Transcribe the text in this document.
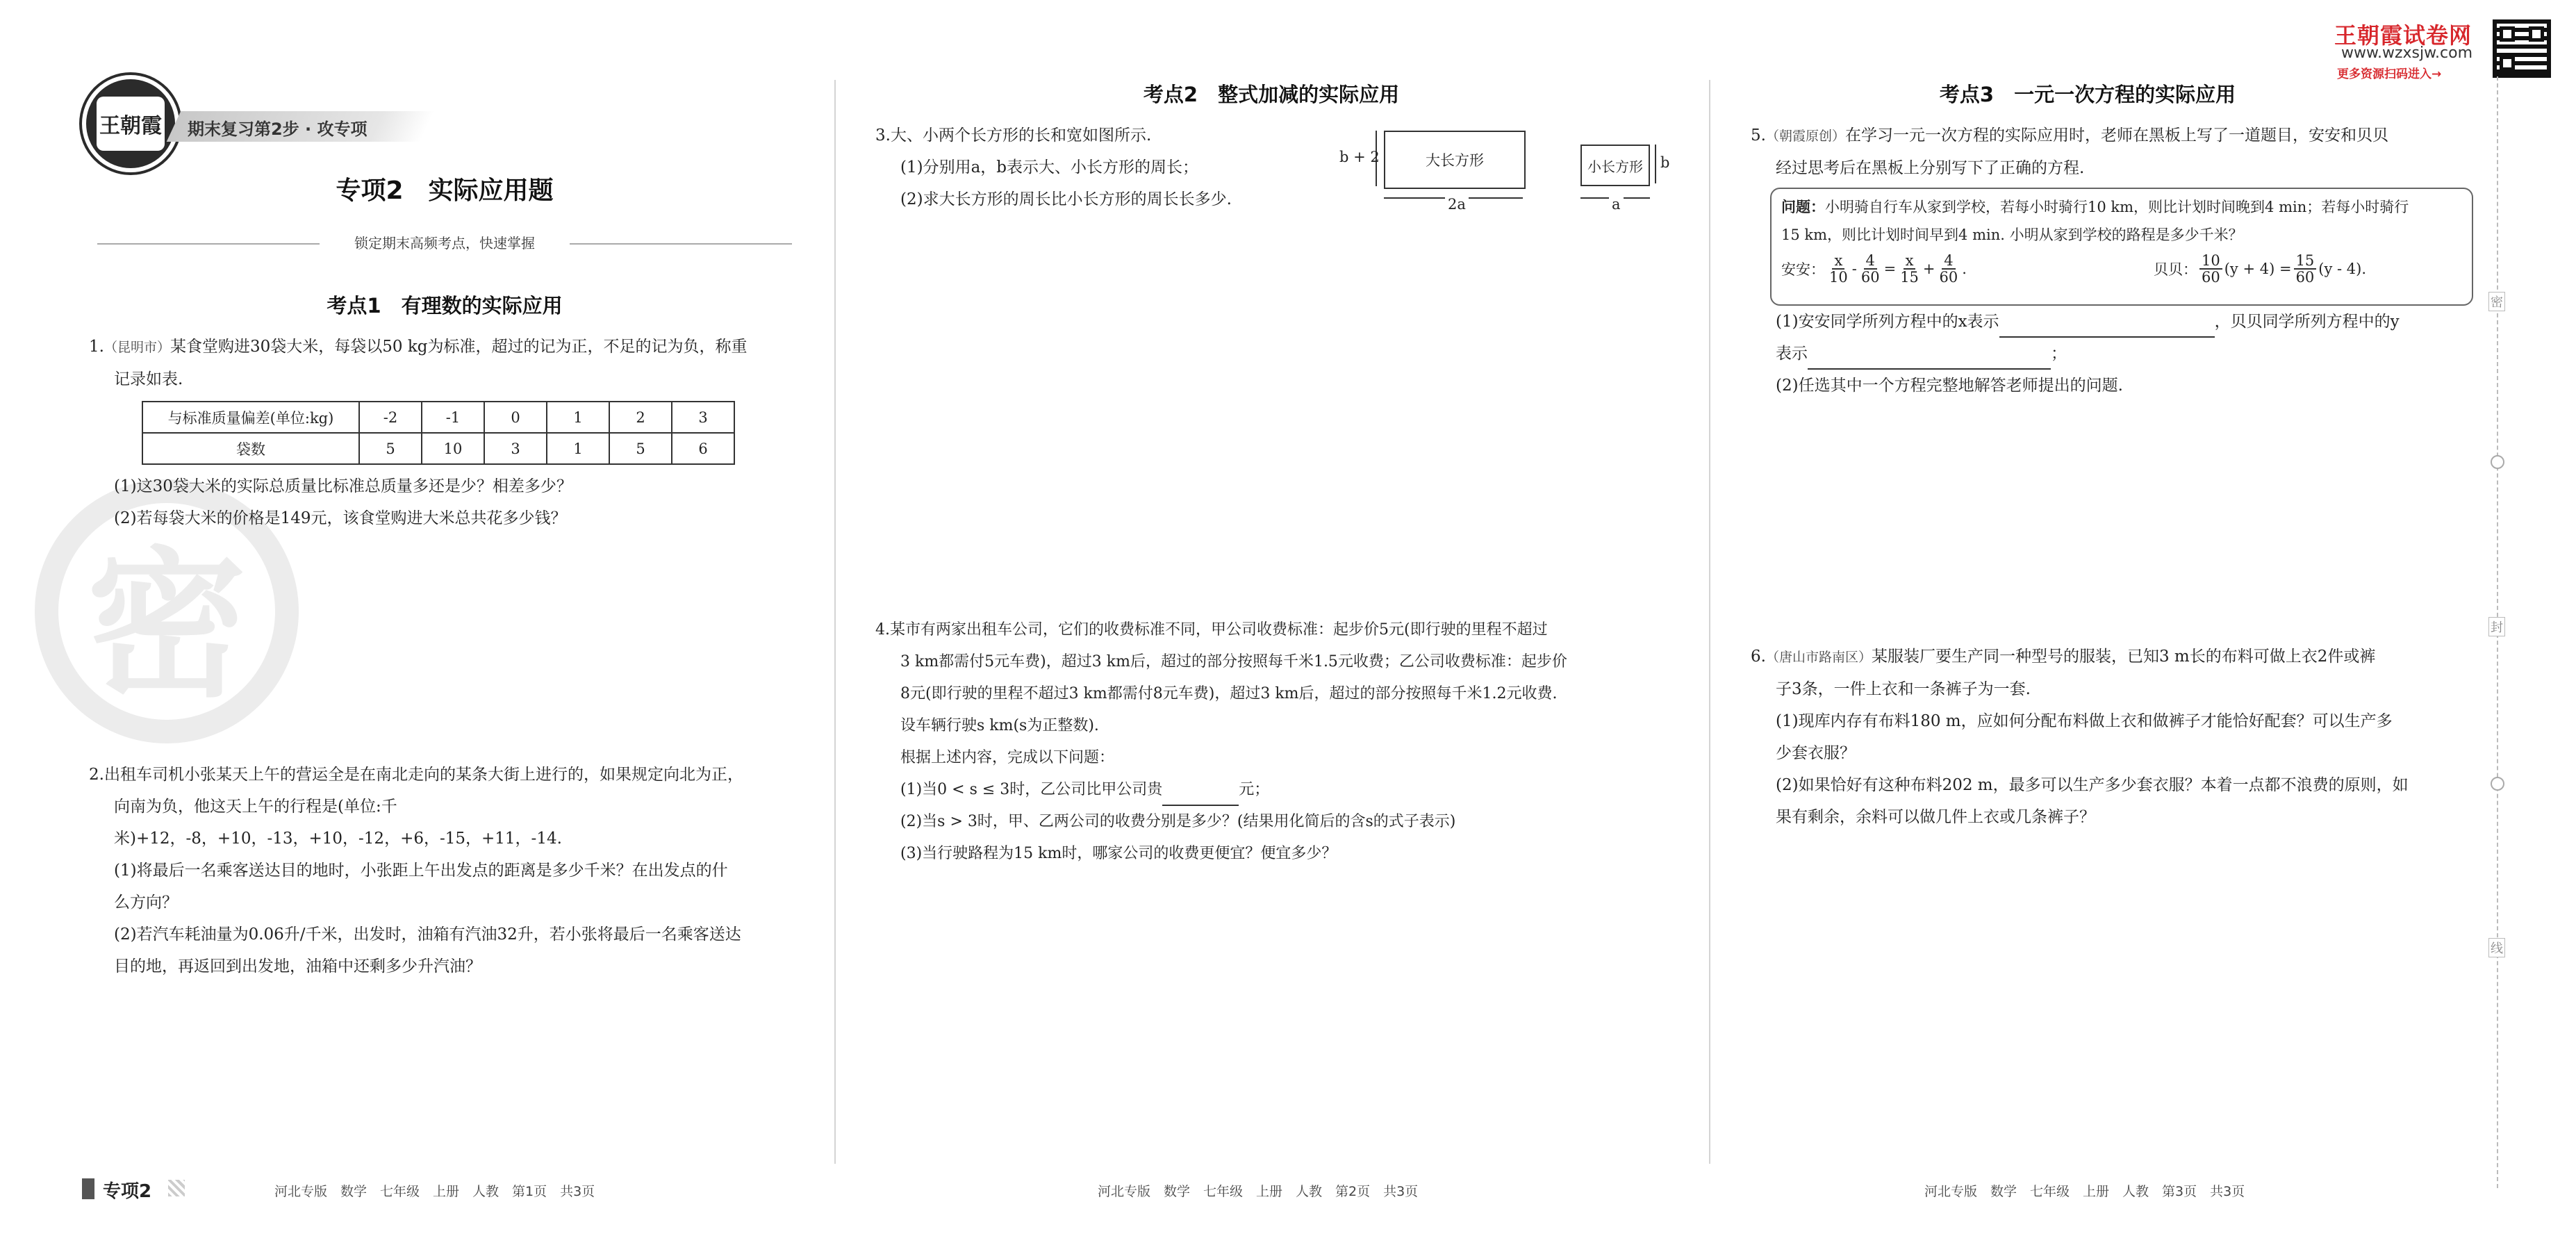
密
王朝霞 期末复习第2步 · 攻专项
专项2　实际应用题
锁定期末高频考点，快速掌握
考点1　有理数的实际应用

1.（昆明市）某食堂购进30袋大米，每袋以50 kg为标准，超过的记为正，不足的记为负，称重

记录如表.

与标准质量偏差(单位:kg)	-2	-1	0	1	2	3
袋数	5	10	3	1	5	6

(1)这30袋大米的实际总质量比标准总质量多还是少？相差多少？

(2)若每袋大米的价格是149元，该食堂购进大米总共花多少钱？

2.出租车司机小张某天上午的营运全是在南北走向的某条大街上进行的，如果规定向北为正，

向南为负，他这天上午的行程是(单位:千米)+12，-8，+10，-13，+10，-12，+6，-15，+11，-14.

(1)将最后一名乘客送达目的地时，小张距上午出发点的距离是多少千米？在出发点的什

么方向？

(2)若汽车耗油量为0.06升/千米，出发时，油箱有汽油32升，若小张将最后一名乘客送达

目的地，再返回到出发地，油箱中还剩多少升汽油？

专项2	河北专版　数学　七年级　上册　人教　第1页　共3页
考点2　整式加减的实际应用

3.大、小两个长方形的长和宽如图所示.

(1)分别用a，b表示大、小长方形的周长；

(2)求大长方形的周长比小长方形的周长长多少.

大长方形
b + 2
2a
小长方形 b
a

4.某市有两家出租车公司，它们的收费标准不同，甲公司收费标准：起步价5元(即行驶的里程不超过

3 km都需付5元车费)，超过3 km后，超过的部分按照每千米1.5元收费；乙公司收费标准：起步价

8元(即行驶的里程不超过3 km都需付8元车费)，超过3 km后，超过的部分按照每千米1.2元收费.

设车辆行驶s km(s为正整数).

根据上述内容，完成以下问题：

(1)当0 < s ≤ 3时，乙公司比甲公司贵	元；

(2)当s > 3时，甲、乙两公司的收费分别是多少？(结果用化简后的含s的式子表示)

(3)当行驶路程为15 km时，哪家公司的收费更便宜？便宜多少？

河北专版　数学　七年级　上册　人教　第2页　共3页
王朝霞试卷网
www.wzxsjw.com
更多资源扫码进入→
考点3　一元一次方程的实际应用

5.（朝霞原创）在学习一元一次方程的实际应用时，老师在黑板上写了一道题目，安安和贝贝

经过思考后在黑板上分别写下了正确的方程.

问题：小明骑自行车从家到学校，若每小时骑行10 km，则比计划时间晚到4 min；若每小时骑行
15 km，则比计划时间早到4 min. 小明从家到学校的路程是多少千米？
安安： $\frac{x}{10} - \frac{4}{60} = \frac{x}{15} + \frac{4}{60}$ .	贝贝： $\frac{10}{60} (y + 4) = \frac{15}{60} (y - 4)$.

(1)安安同学所列方程中的x表示	，贝贝同学所列方程中的y

表示	；

(2)任选其中一个方程完整地解答老师提出的问题.

6.（唐山市路南区）某服装厂要生产同一种型号的服装，已知3 m长的布料可做上衣2件或裤

子3条，一件上衣和一条裤子为一套.

(1)现库内存有布料180 m，应如何分配布料做上衣和做裤子才能恰好配套？可以生产多

少套衣服？

(2)如果恰好有这种布料202 m，最多可以生产多少套衣服？本着一点都不浪费的原则，如

果有剩余，余料可以做几件上衣或几条裤子？

河北专版　数学　七年级　上册　人教　第3页　共3页
密
封
线
